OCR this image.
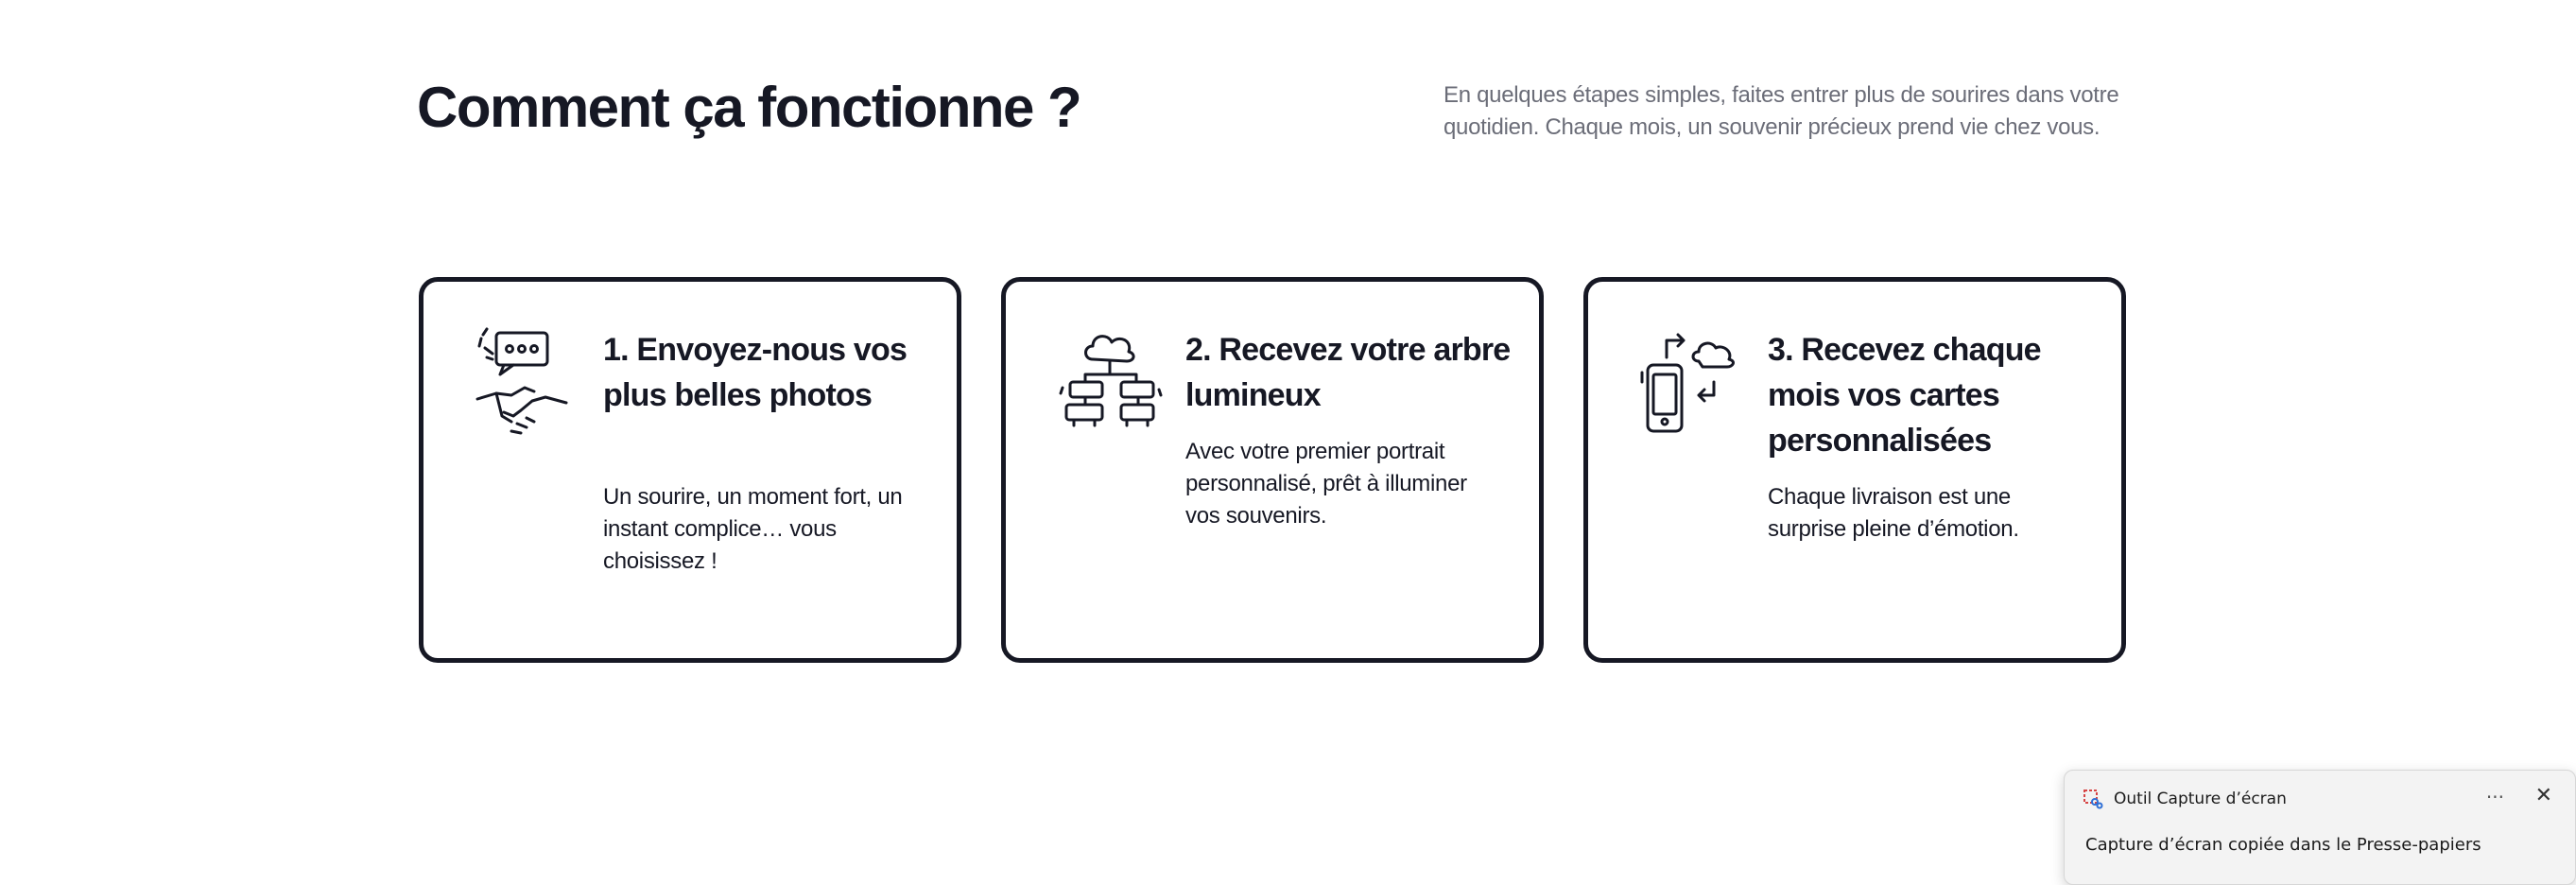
Comment ça fonctionne ?	En quelques étapes simples, faites entrer plus de sourires dans votre quotidien. Chaque mois, un souvenir précieux prend vie chez vous.

1. Envoyez-nous vos plus belles photos

Un sourire, un moment fort, un instant complice… vous choisissez !

2. Recevez votre arbre lumineux

Avec votre premier portrait personnalisé, prêt à illuminer vos souvenirs.

3. Recevez chaque mois vos cartes personnalisées

Chaque livraison est une surprise pleine d’émotion.

Outil Capture d’écran	··· ✕
Capture d’écran copiée dans le Presse-papiers
